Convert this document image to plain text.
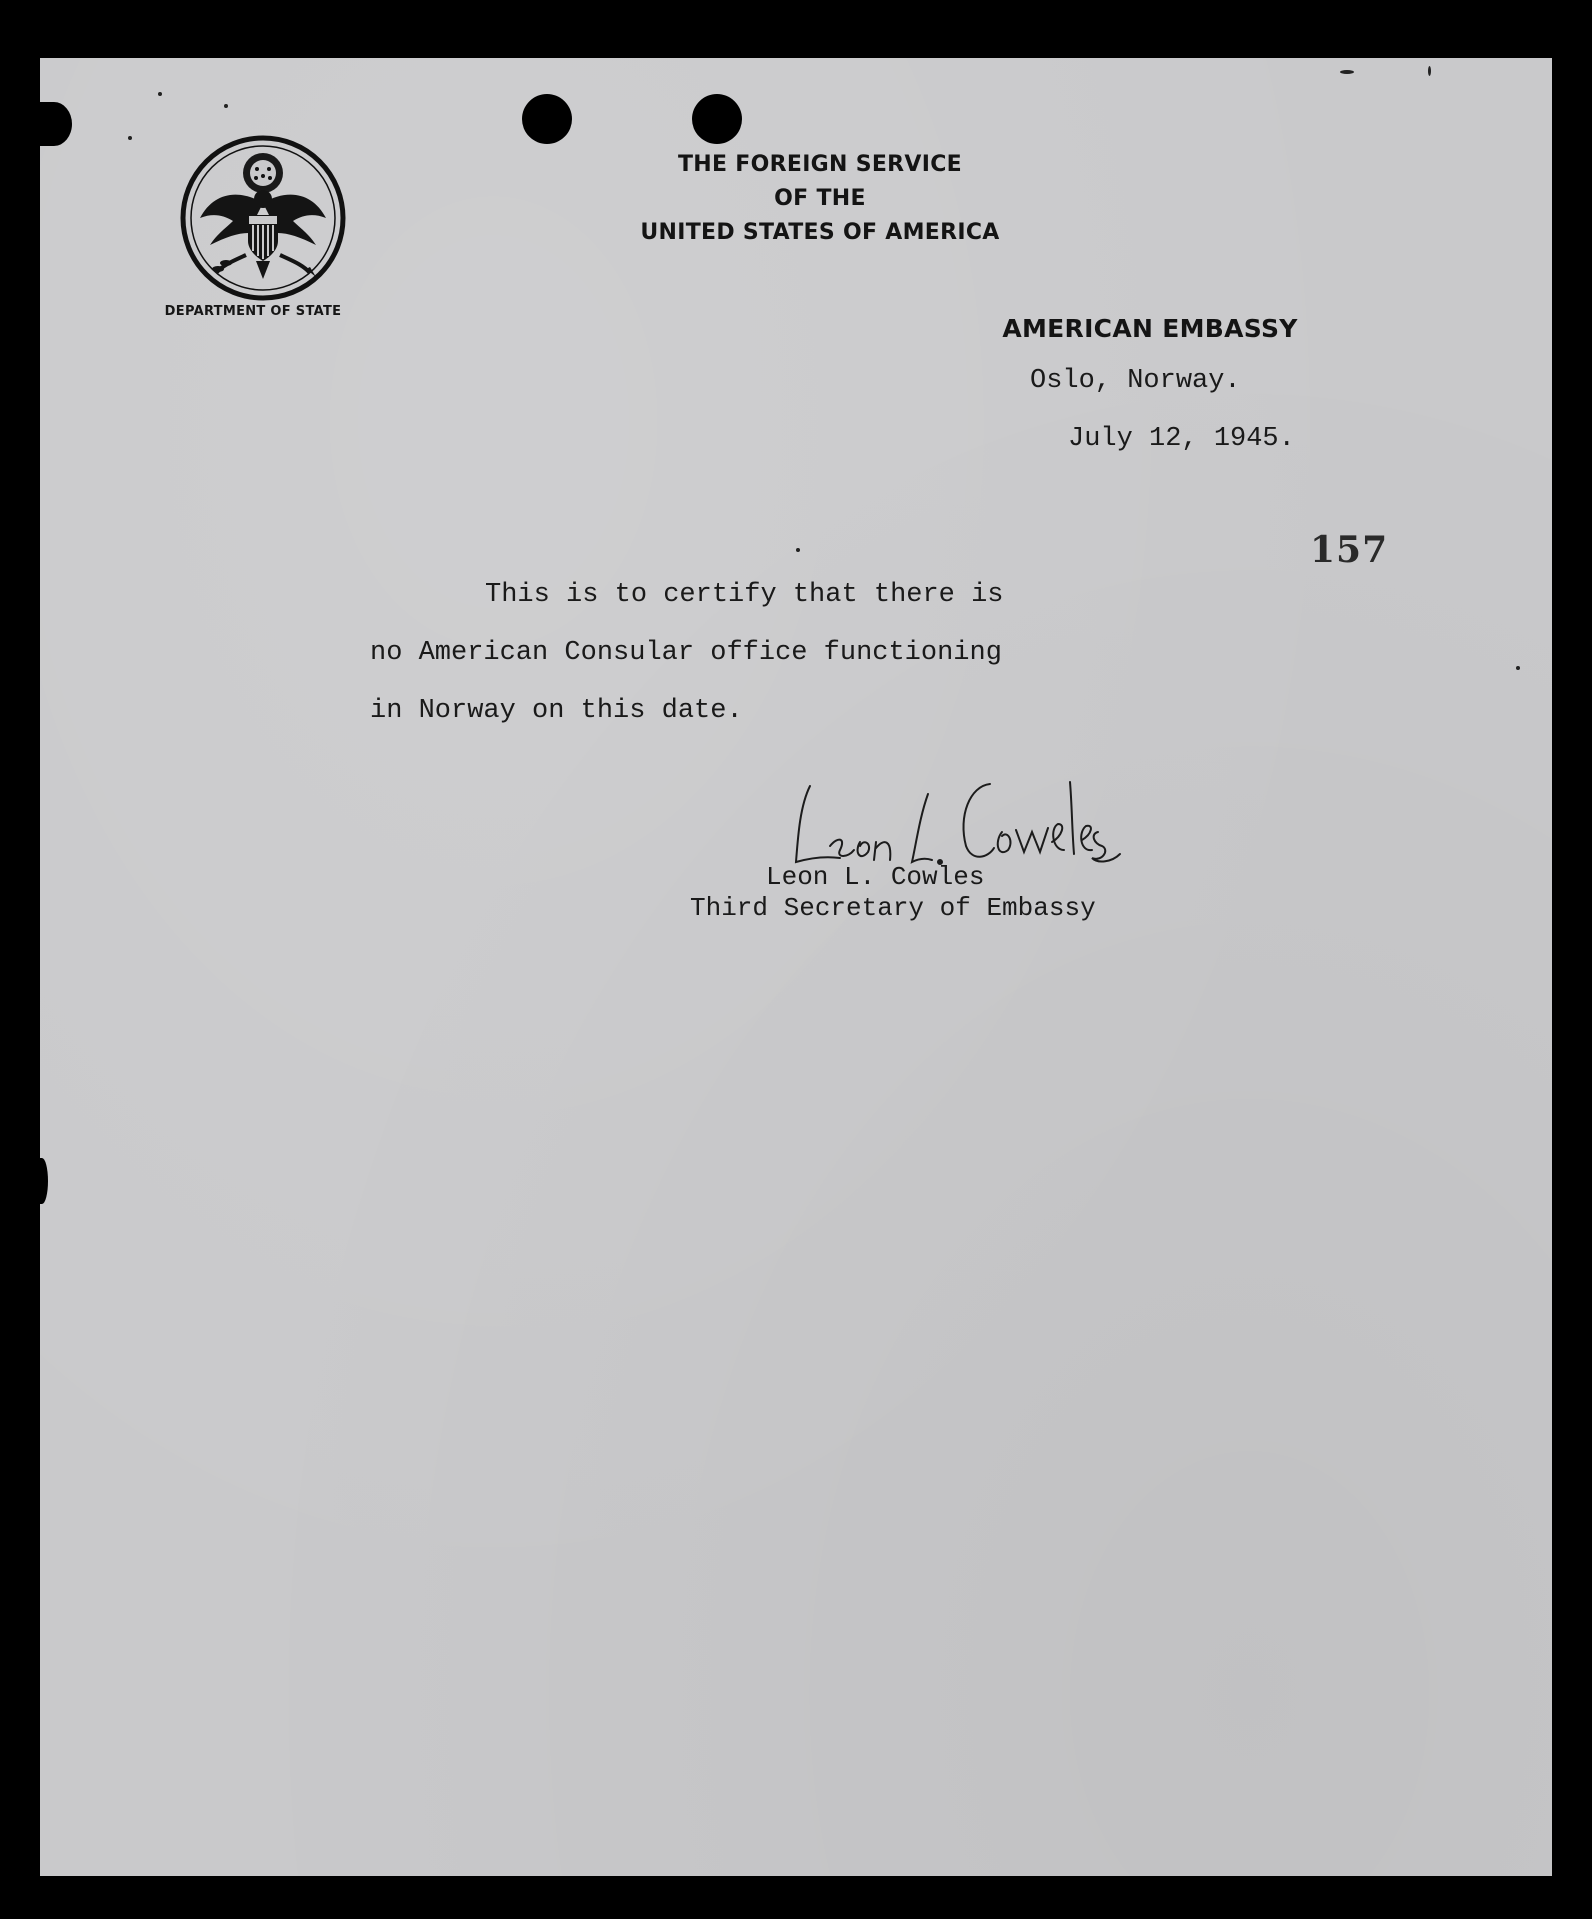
DEPARTMENT OF STATE
THE FOREIGN SERVICE
OF THE
UNITED STATES OF AMERICA
AMERICAN EMBASSY
Oslo, Norway.
July 12, 1945.
157
This is to certify that there is
no American Consular office functioning
in Norway on this date.
Leon L. Cowles
Third Secretary of Embassy
